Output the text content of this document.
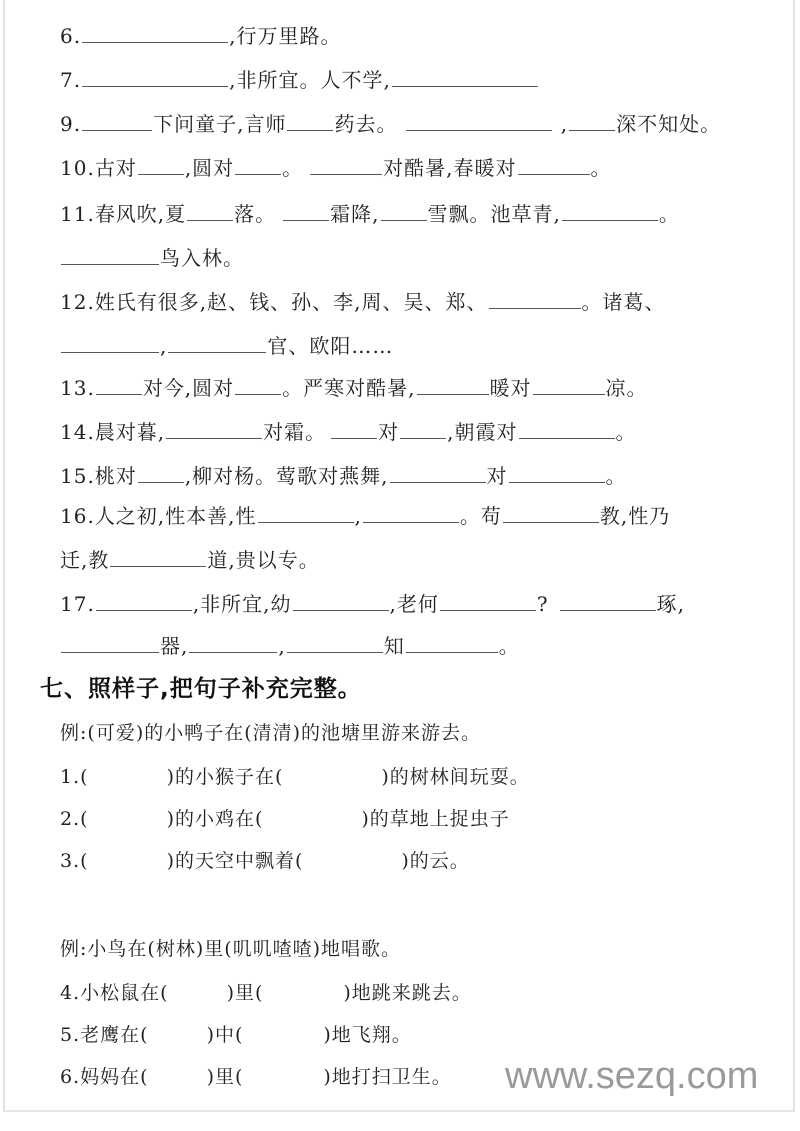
6.	,行万里路。
7.	,非所宜。人不学,
9.	下问童子,言师 药去。	, 深不知处。
10.古对 ,圆对 。	对酷暑,春暖对	。
11.春风吹,夏 落。	霜降, 雪飘。池草青,	。
鸟入林。
12.姓氏有很多,赵、钱、孙、李,周、吴、郑、	。诸葛、
,	官、欧阳……
13. 对今,圆对 。严寒对酷暑,	暖对	凉。
14.晨对暮,	对霜。	对 ,朝霞对	。
15.桃对 ,柳对杨。莺歌对燕舞,	对	。
16.人之初,性本善,性	,	。苟	教,性乃
迁,教	道,贵以专。
17.	,非所宜,幼	,老何	?	琢,
器,	,	知	。
七、照样子,把句子补充完整。
例:(可爱)的小鸭子在(清清)的池塘里游来游去。
1.(	)的小猴子在(	)的树林间玩耍。
2.(	)的小鸡在(	)的草地上捉虫子
3.(	)的天空中飘着(	)的云。
例:小鸟在(树林)里(叽叽喳喳)地唱歌。
4.小松鼠在(	)里(	)地跳来跳去。
5.老鹰在(	)中(	)地飞翔。
6.妈妈在(	)里(	)地打扫卫生。 www.sezq.com
